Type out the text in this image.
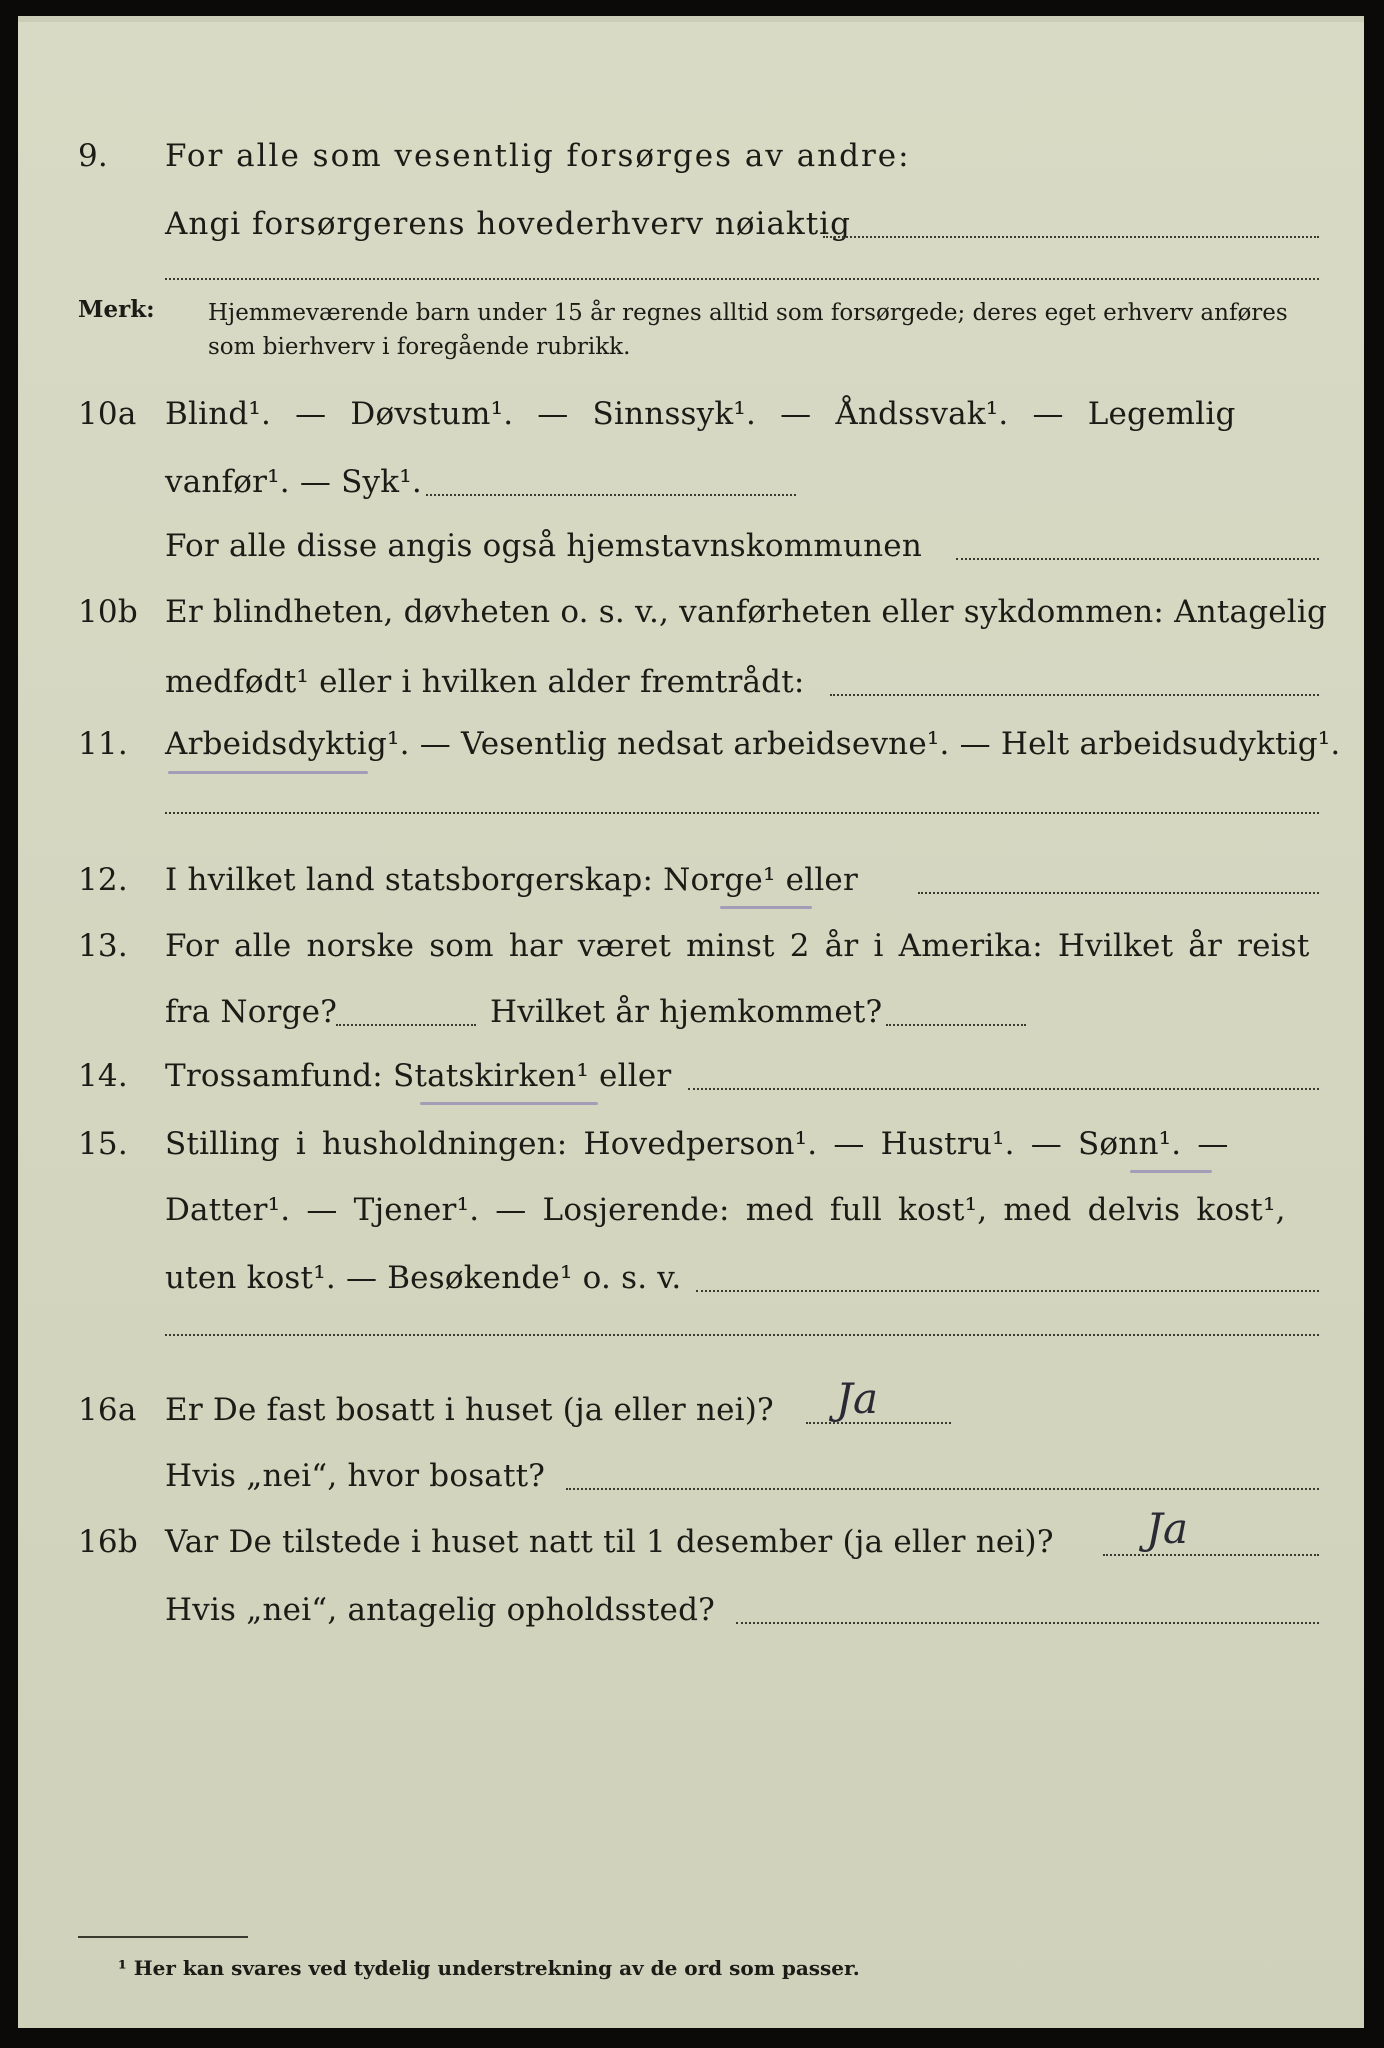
9. For alle som vesentlig forsørges av andre:
Angi forsørgerens hovederhverv nøiaktig
Merk: Hjemmeværende barn under 15 år regnes alltid som forsørgede; deres eget erhverv anføres som bierhverv i foregående rubrikk.
10a Blind¹. — Døvstum¹. — Sinnssyk¹. — Åndssvak¹. — Legemlig
vanfør¹. — Syk¹.
For alle disse angis også hjemstavnskommunen
10b Er blindheten, døvheten o. s. v., vanførheten eller sykdommen: Antagelig
medfødt¹ eller i hvilken alder fremtrådt:
11. Arbeidsdyktig¹. — Vesentlig nedsat arbeidsevne¹. — Helt arbeidsudyktig¹.
12. I hvilket land statsborgerskap: Norge¹ eller
13. For alle norske som har været minst 2 år i Amerika: Hvilket år reist
fra Norge?	Hvilket år hjemkommet?
14. Trossamfund: Statskirken¹ eller
15. Stilling i husholdningen: Hovedperson¹. — Hustru¹. — Sønn¹. —
Datter¹. — Tjener¹. — Losjerende: med full kost¹, med delvis kost¹,
uten kost¹. — Besøkende¹ o. s. v.
16a Er De fast bosatt i huset (ja eller nei)? Ja
Hvis „nei“, hvor bosatt?
16b Var De tilstede i huset natt til 1 desember (ja eller nei)? Ja
Hvis „nei“, antagelig opholdssted?
¹ Her kan svares ved tydelig understrekning av de ord som passer.
